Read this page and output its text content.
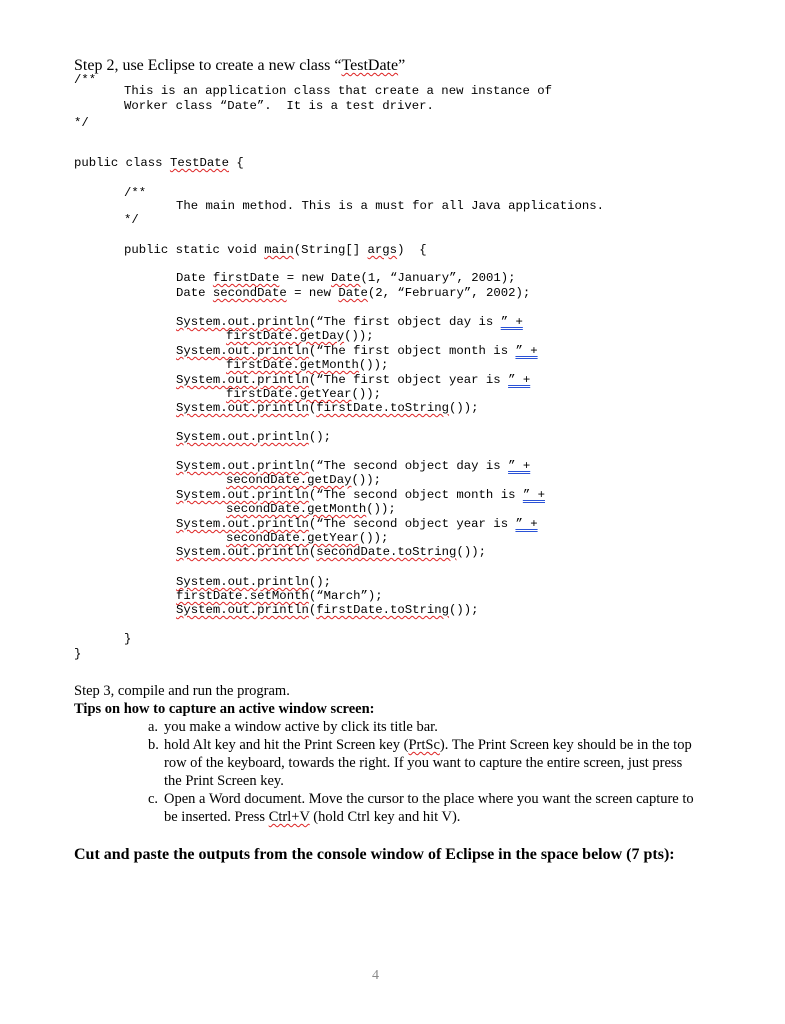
Step 2, use Eclipse to create a new class “TestDate”
/**
This is an application class that create a new instance of
Worker class “Date”.  It is a test driver.
*/
public class TestDate {
/**
The main method. This is a must for all Java applications.
*/
public static void main(String[] args)  {
Date firstDate = new Date(1, “January”, 2001);
Date secondDate = new Date(2, “February”, 2002);
System.out.println(“The first object day is ” +
firstDate.getDay());
System.out.println(“The first object month is ” +
firstDate.getMonth());
System.out.println(“The first object year is ” +
firstDate.getYear());
System.out.println(firstDate.toString());
System.out.println();
System.out.println(“The second object day is ” +
secondDate.getDay());
System.out.println(“The second object month is ” +
secondDate.getMonth());
System.out.println(“The second object year is ” +
secondDate.getYear());
System.out.println(secondDate.toString());
System.out.println();
firstDate.setMonth(“March”);
System.out.println(firstDate.toString());
}
}
Step 3, compile and run the program.
Tips on how to capture an active window screen:
a. you make a window active by click its title bar.
b. hold Alt key and hit the Print Screen key (PrtSc). The Print Screen key should be in the top row of the keyboard, towards the right. If you want to capture the entire screen, just press the Print Screen key.
c. Open a Word document. Move the cursor to the place where you want the screen capture to be inserted. Press Ctrl+V (hold Ctrl key and hit V).
Cut and paste the outputs from the console window of Eclipse in the space below (7 pts):
4
